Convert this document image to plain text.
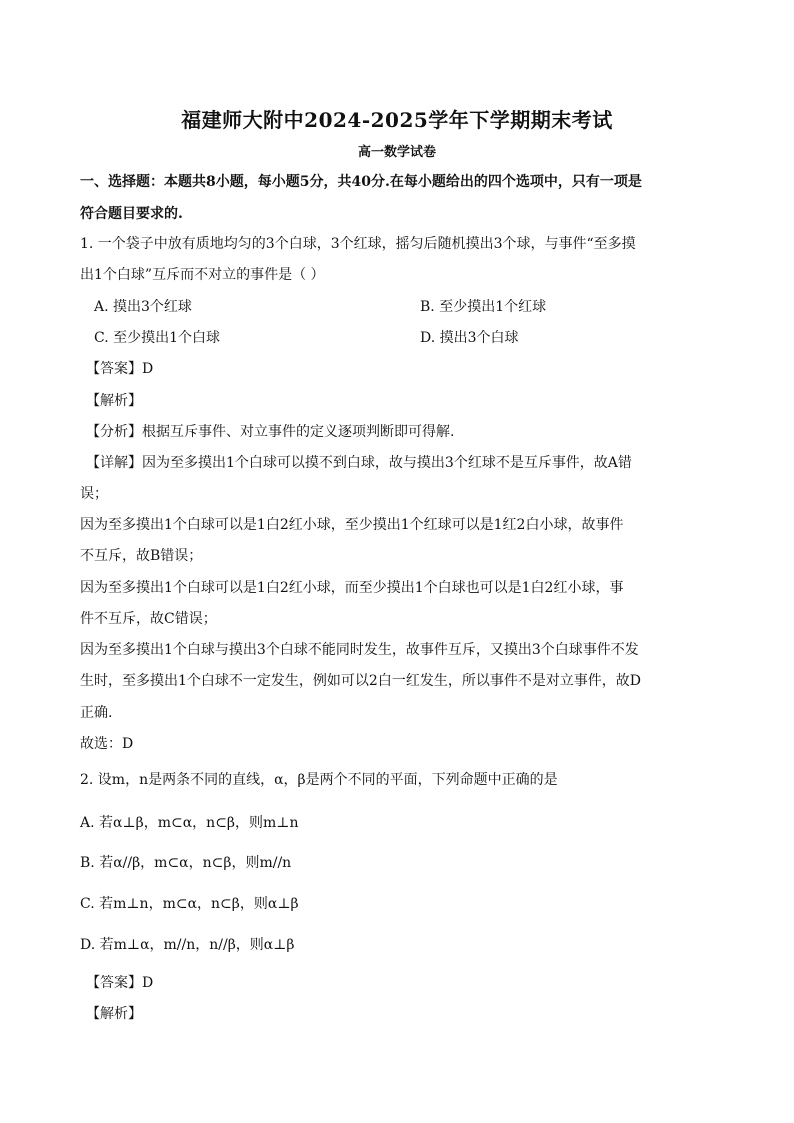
福建师大附中2024-2025学年下学期期末考试
高一数学试卷
一、选择题：本题共8小题，每小题5分，共40分.在每小题给出的四个选项中，只有一项是
符合题目要求的.
1. 一个袋子中放有质地均匀的3个白球，3个红球，摇匀后随机摸出3个球，与事件“至多摸
出1个白球”互斥而不对立的事件是（ ）
A. 摸出3个红球	B. 至少摸出1个红球
C. 至少摸出1个白球	D. 摸出3个白球
【答案】D
【解析】
【分析】根据互斥事件、对立事件的定义逐项判断即可得解.
【详解】因为至多摸出1个白球可以摸不到白球，故与摸出3个红球不是互斥事件，故A错
误；
因为至多摸出1个白球可以是1白2红小球，至少摸出1个红球可以是1红2白小球，故事件
不互斥，故B错误；
因为至多摸出1个白球可以是1白2红小球，而至少摸出1个白球也可以是1白2红小球，事
件不互斥，故C错误；
因为至多摸出1个白球与摸出3个白球不能同时发生，故事件互斥，又摸出3个白球事件不发
生时，至多摸出1个白球不一定发生，例如可以2白一红发生，所以事件不是对立事件，故D
正确.
故选：D
2. 设m，n是两条不同的直线，α，β是两个不同的平面，下列命题中正确的是
A. 若α⊥β，m⊂α，n⊂β，则m⊥n
B. 若α//β，m⊂α，n⊂β，则m//n
C. 若m⊥n，m⊂α，n⊂β，则α⊥β
D. 若m⊥α，m//n，n//β，则α⊥β
【答案】D
【解析】
